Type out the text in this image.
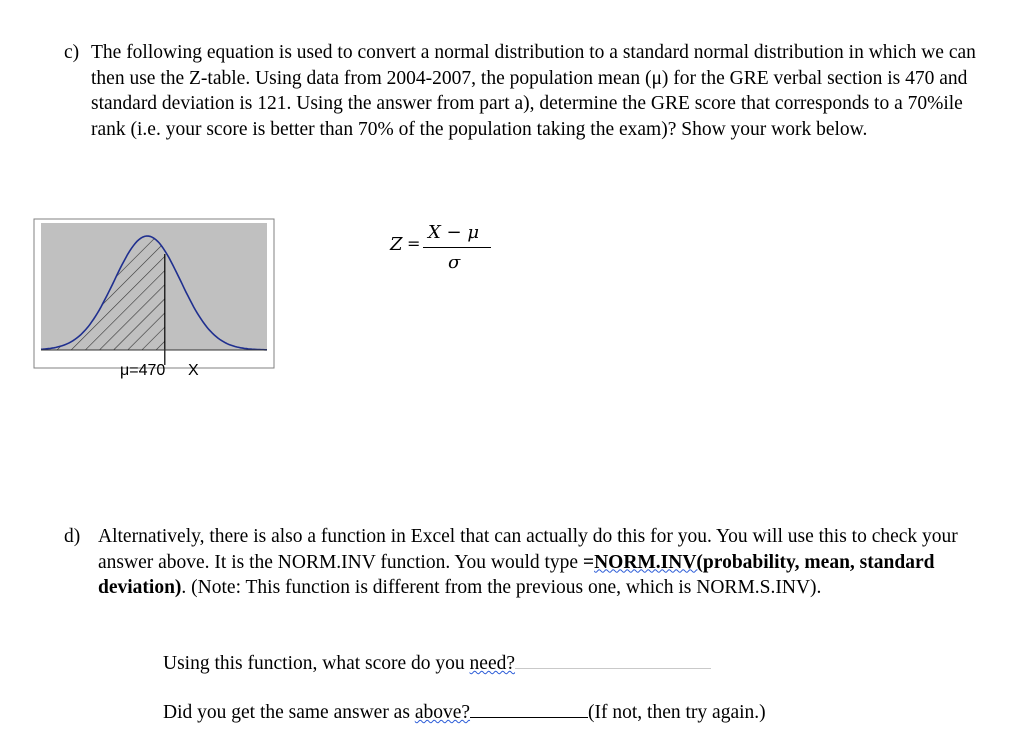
c) The following equation is used to convert a normal distribution to a standard normal distribution in which we can then use the Z-table. Using data from 2004-2007, the population mean (μ) for the GRE verbal section is 470 and standard deviation is 121. Using the answer from part a), determine the GRE score that corresponds to a 70%ile rank (i.e. your score is better than 70% of the population taking the exam)? Show your work below.
μ=470 X
Z =
X − μ
σ
d) Alternatively, there is also a function in Excel that can actually do this for you. You will use this to check your answer above. It is the NORM.INV function. You would type =NORM.INV(probability, mean, standard deviation). (Note: This function is different from the previous one, which is NORM.S.INV).
Using this function, what score do you need?
Did you get the same answer as above?	(If not, then try again.)
